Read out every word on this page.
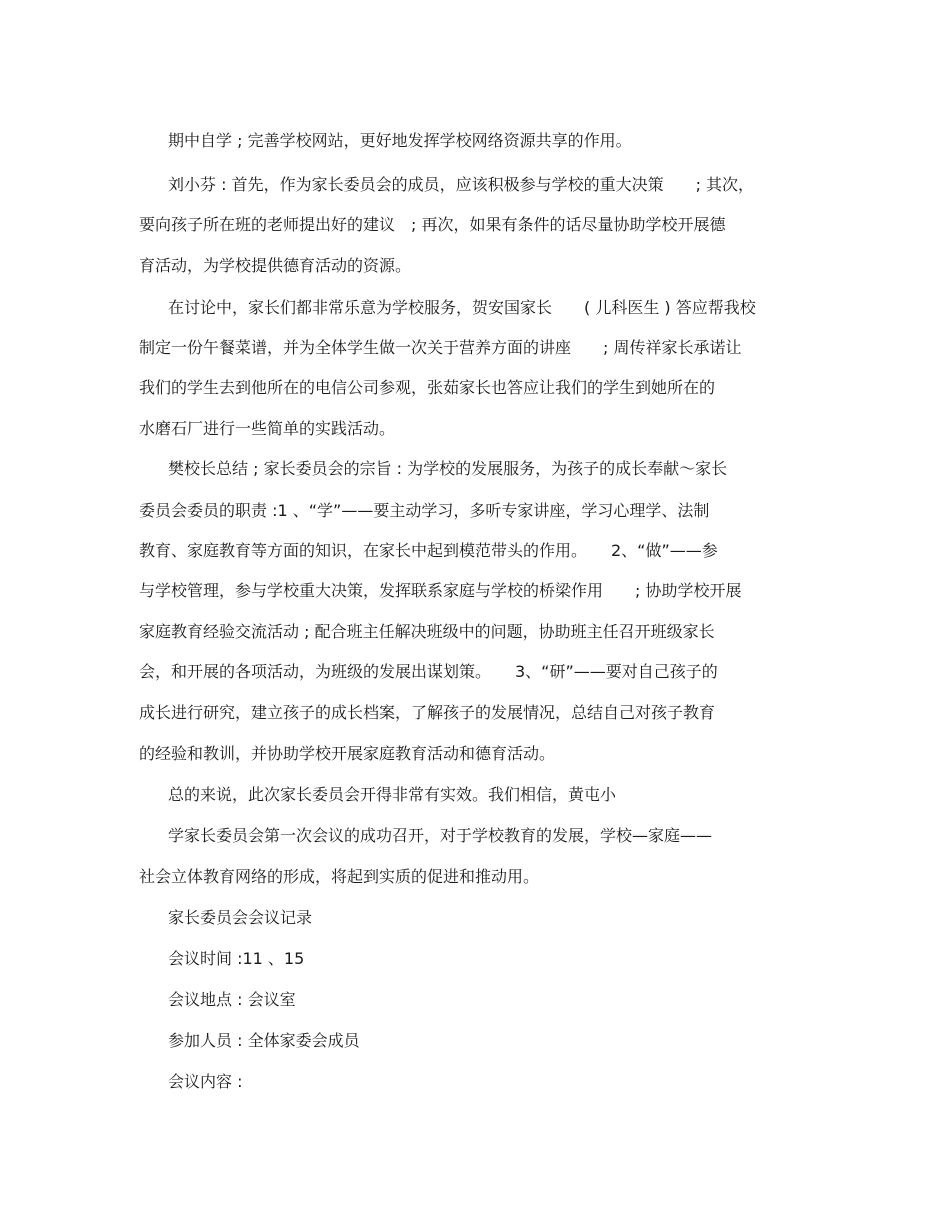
期中自学 ; 完善学校网站，更好地发挥学校网络资源共享的作用。
刘小芬 : 首先，作为家长委员会的成员，应该积极参与学校的重大决策　　; 其次，
要向孩子所在班的老师提出好的建议　; 再次，如果有条件的话尽量协助学校开展德
育活动，为学校提供德育活动的资源。
在讨论中，家长们都非常乐意为学校服务，贺安国家长　　( 儿科医生 ) 答应帮我校
制定一份午餐菜谱，并为全体学生做一次关于营养方面的讲座　　; 周传祥家长承诺让
我们的学生去到他所在的电信公司参观，张茹家长也答应让我们的学生到她所在的
水磨石厂进行一些简单的实践活动。
樊校长总结 ; 家长委员会的宗旨 : 为学校的发展服务，为孩子的成长奉献～家长
委员会委员的职责 :1 、“学”——要主动学习，多听专家讲座，学习心理学、法制
教育、家庭教育等方面的知识，在家长中起到模范带头的作用。　　2、“做”——参
与学校管理，参与学校重大决策，发挥联系家庭与学校的桥梁作用　　; 协助学校开展
家庭教育经验交流活动 ; 配合班主任解决班级中的问题，协助班主任召开班级家长
会，和开展的各项活动，为班级的发展出谋划策。　　3、“研”——要对自己孩子的
成长进行研究，建立孩子的成长档案，了解孩子的发展情况，总结自己对孩子教育
的经验和教训，并协助学校开展家庭教育活动和德育活动。
总的来说，此次家长委员会开得非常有实效。我们相信，黄屯小
学家长委员会第一次会议的成功召开，对于学校教育的发展，学校—家庭——
社会立体教育网络的形成，将起到实质的促进和推动用。
家长委员会会议记录
会议时间 :11 、15
会议地点 : 会议室
参加人员 : 全体家委会成员
会议内容 :
